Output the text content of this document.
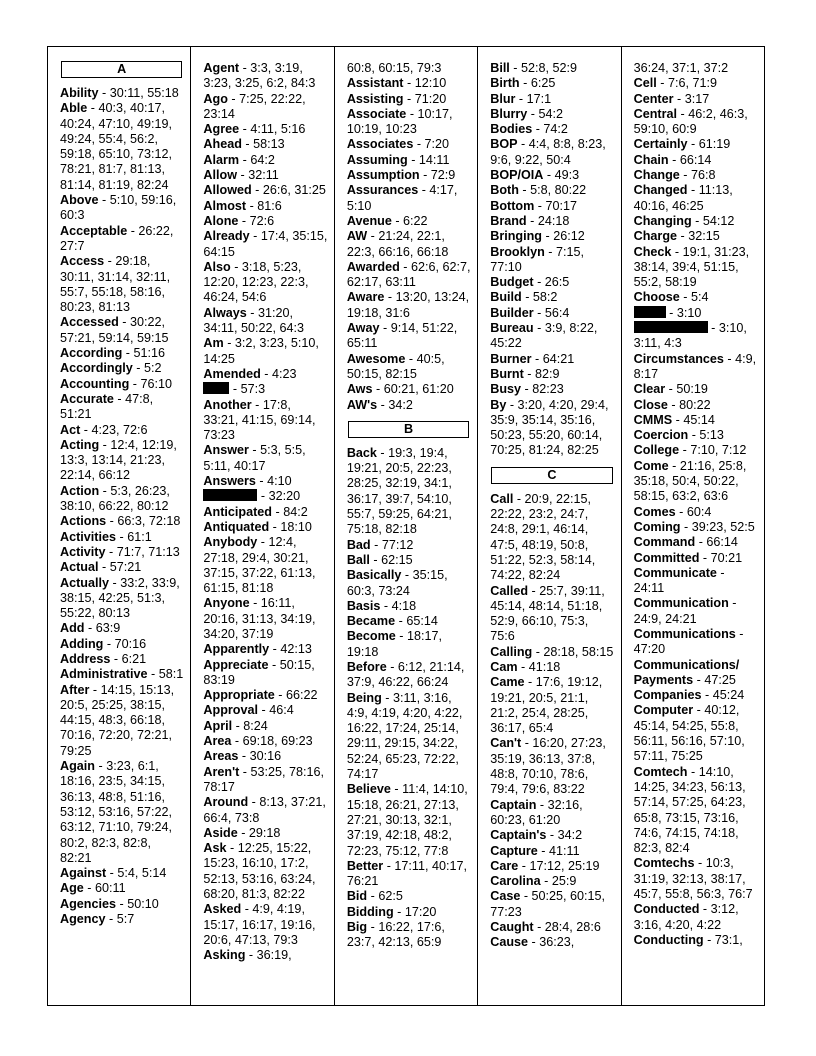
A
Ability - 30:11, 55:18
Able - 40:3, 40:17, 40:24, 47:10, 49:19, 49:24, 55:4, 56:2, 59:18, 65:10, 73:12, 78:21, 81:7, 81:13, 81:14, 81:19, 82:24
Above - 5:10, 59:16, 60:3
Acceptable - 26:22, 27:7
Access - 29:18, 30:11, 31:14, 32:11, 55:7, 55:18, 58:16, 80:23, 81:13
Accessed - 30:22, 57:21, 59:14, 59:15
According - 51:16
Accordingly - 5:2
Accounting - 76:10
Accurate - 47:8, 51:21
Act - 4:23, 72:6
Acting - 12:4, 12:19, 13:3, 13:14, 21:23, 22:14, 66:12
Action - 5:3, 26:23, 38:10, 66:22, 80:12
Actions - 66:3, 72:18
Activities - 61:1
Activity - 71:7, 71:13
Actual - 57:21
Actually - 33:2, 33:9, 38:15, 42:25, 51:3, 55:22, 80:13
Add - 63:9
Adding - 70:16
Address - 6:21
Administrative - 58:1
After - 14:15, 15:13, 20:5, 25:25, 38:15, 44:15, 48:3, 66:18, 70:16, 72:20, 72:21, 79:25
Again - 3:23, 6:1, 18:16, 23:5, 34:15, 36:13, 48:8, 51:16, 53:12, 53:16, 57:22, 63:12, 71:10, 79:24, 80:2, 82:3, 82:8, 82:21
Against - 5:4, 5:14
Age - 60:11
Agencies - 50:10
Agency - 5:7
Agent - 3:3, 3:19, 3:23, 3:25, 6:2, 84:3
Ago - 7:25, 22:22, 23:14
Agree - 4:11, 5:16
Ahead - 58:13
Alarm - 64:2
Allow - 32:11
Allowed - 26:6, 31:25
Almost - 81:6
Alone - 72:6
Already - 17:4, 35:15, 64:15
Also - 3:18, 5:23, 12:20, 12:23, 22:3, 46:24, 54:6
Always - 31:20, 34:11, 50:22, 64:3
Am - 3:2, 3:23, 5:10, 14:25
Amended - 4:23
- 57:3
Another - 17:8, 33:21, 41:15, 69:14, 73:23
Answer - 5:3, 5:5, 5:11, 40:17
Answers - 4:10
- 32:20
Anticipated - 84:2
Antiquated - 18:10
Anybody - 12:4, 27:18, 29:4, 30:21, 37:15, 37:22, 61:13, 61:15, 81:18
Anyone - 16:11, 20:16, 31:13, 34:19, 34:20, 37:19
Apparently - 42:13
Appreciate - 50:15, 83:19
Appropriate - 66:22
Approval - 46:4
April - 8:24
Area - 69:18, 69:23
Areas - 30:16
Aren't - 53:25, 78:16, 78:17
Around - 8:13, 37:21, 66:4, 73:8
Aside - 29:18
Ask - 12:25, 15:22, 15:23, 16:10, 17:2, 52:13, 53:16, 63:24, 68:20, 81:3, 82:22
Asked - 4:9, 4:19, 15:17, 16:17, 19:16, 20:6, 47:13, 79:3
Asking - 36:19,
60:8, 60:15, 79:3
Assistant - 12:10
Assisting - 71:20
Associate - 10:17, 10:19, 10:23
Associates - 7:20
Assuming - 14:11
Assumption - 72:9
Assurances - 4:17, 5:10
Avenue - 6:22
AW - 21:24, 22:1, 22:3, 66:16, 66:18
Awarded - 62:6, 62:7, 62:17, 63:11
Aware - 13:20, 13:24, 19:18, 31:6
Away - 9:14, 51:22, 65:11
Awesome - 40:5, 50:15, 82:15
Aws - 60:21, 61:20
AW's - 34:2
B
Back - 19:3, 19:4, 19:21, 20:5, 22:23, 28:25, 32:19, 34:1, 36:17, 39:7, 54:10, 55:7, 59:25, 64:21, 75:18, 82:18
Bad - 77:12
Ball - 62:15
Basically - 35:15, 60:3, 73:24
Basis - 4:18
Became - 65:14
Become - 18:17, 19:18
Before - 6:12, 21:14, 37:9, 46:22, 66:24
Being - 3:11, 3:16, 4:9, 4:19, 4:20, 4:22, 16:22, 17:24, 25:14, 29:11, 29:15, 34:22, 52:24, 65:23, 72:22, 74:17
Believe - 11:4, 14:10, 15:18, 26:21, 27:13, 27:21, 30:13, 32:1, 37:19, 42:18, 48:2, 72:23, 75:12, 77:8
Better - 17:11, 40:17, 76:21
Bid - 62:5
Bidding - 17:20
Big - 16:22, 17:6, 23:7, 42:13, 65:9
Bill - 52:8, 52:9
Birth - 6:25
Blur - 17:1
Blurry - 54:2
Bodies - 74:2
BOP - 4:4, 8:8, 8:23, 9:6, 9:22, 50:4
BOP/OIA - 49:3
Both - 5:8, 80:22
Bottom - 70:17
Brand - 24:18
Bringing - 26:12
Brooklyn - 7:15, 77:10
Budget - 26:5
Build - 58:2
Builder - 56:4
Bureau - 3:9, 8:22, 45:22
Burner - 64:21
Burnt - 82:9
Busy - 82:23
By - 3:20, 4:20, 29:4, 35:9, 35:14, 35:16, 50:23, 55:20, 60:14, 70:25, 81:24, 82:25
C
Call - 20:9, 22:15, 22:22, 23:2, 24:7, 24:8, 29:1, 46:14, 47:5, 48:19, 50:8, 51:22, 52:3, 58:14, 74:22, 82:24
Called - 25:7, 39:11, 45:14, 48:14, 51:18, 52:9, 66:10, 75:3, 75:6
Calling - 28:18, 58:15
Cam - 41:18
Came - 17:6, 19:12, 19:21, 20:5, 21:1, 21:2, 25:4, 28:25, 36:17, 65:4
Can't - 16:20, 27:23, 35:19, 36:13, 37:8, 48:8, 70:10, 78:6, 79:4, 79:6, 83:22
Captain - 32:16, 60:23, 61:20
Captain's - 34:2
Capture - 41:11
Care - 17:12, 25:19
Carolina - 25:9
Case - 50:25, 60:15, 77:23
Caught - 28:4, 28:6
Cause - 36:23,
36:24, 37:1, 37:2
Cell - 7:6, 71:9
Center - 3:17
Central - 46:2, 46:3, 59:10, 60:9
Certainly - 61:19
Chain - 66:14
Change - 76:8
Changed - 11:13, 40:16, 46:25
Changing - 54:12
Charge - 32:15
Check - 19:1, 31:23, 38:14, 39:4, 51:15, 55:2, 58:19
Choose - 5:4
- 3:10
- 3:10, 3:11, 4:3
Circumstances - 4:9, 8:17
Clear - 50:19
Close - 80:22
CMMS - 45:14
Coercion - 5:13
College - 7:10, 7:12
Come - 21:16, 25:8, 35:18, 50:4, 50:22, 58:15, 63:2, 63:6
Comes - 60:4
Coming - 39:23, 52:5
Command - 66:14
Committed - 70:21
Communicate - 24:11
Communication - 24:9, 24:21
Communications - 47:20
Communications/ Payments - 47:25
Companies - 45:24
Computer - 40:12, 45:14, 54:25, 55:8, 56:11, 56:16, 57:10, 57:11, 75:25
Comtech - 14:10, 14:25, 34:23, 56:13, 57:14, 57:25, 64:23, 65:8, 73:15, 73:16, 74:6, 74:15, 74:18, 82:3, 82:4
Comtechs - 10:3, 31:19, 32:13, 38:17, 45:7, 55:8, 56:3, 76:7
Conducted - 3:12, 3:16, 4:20, 4:22
Conducting - 73:1,
